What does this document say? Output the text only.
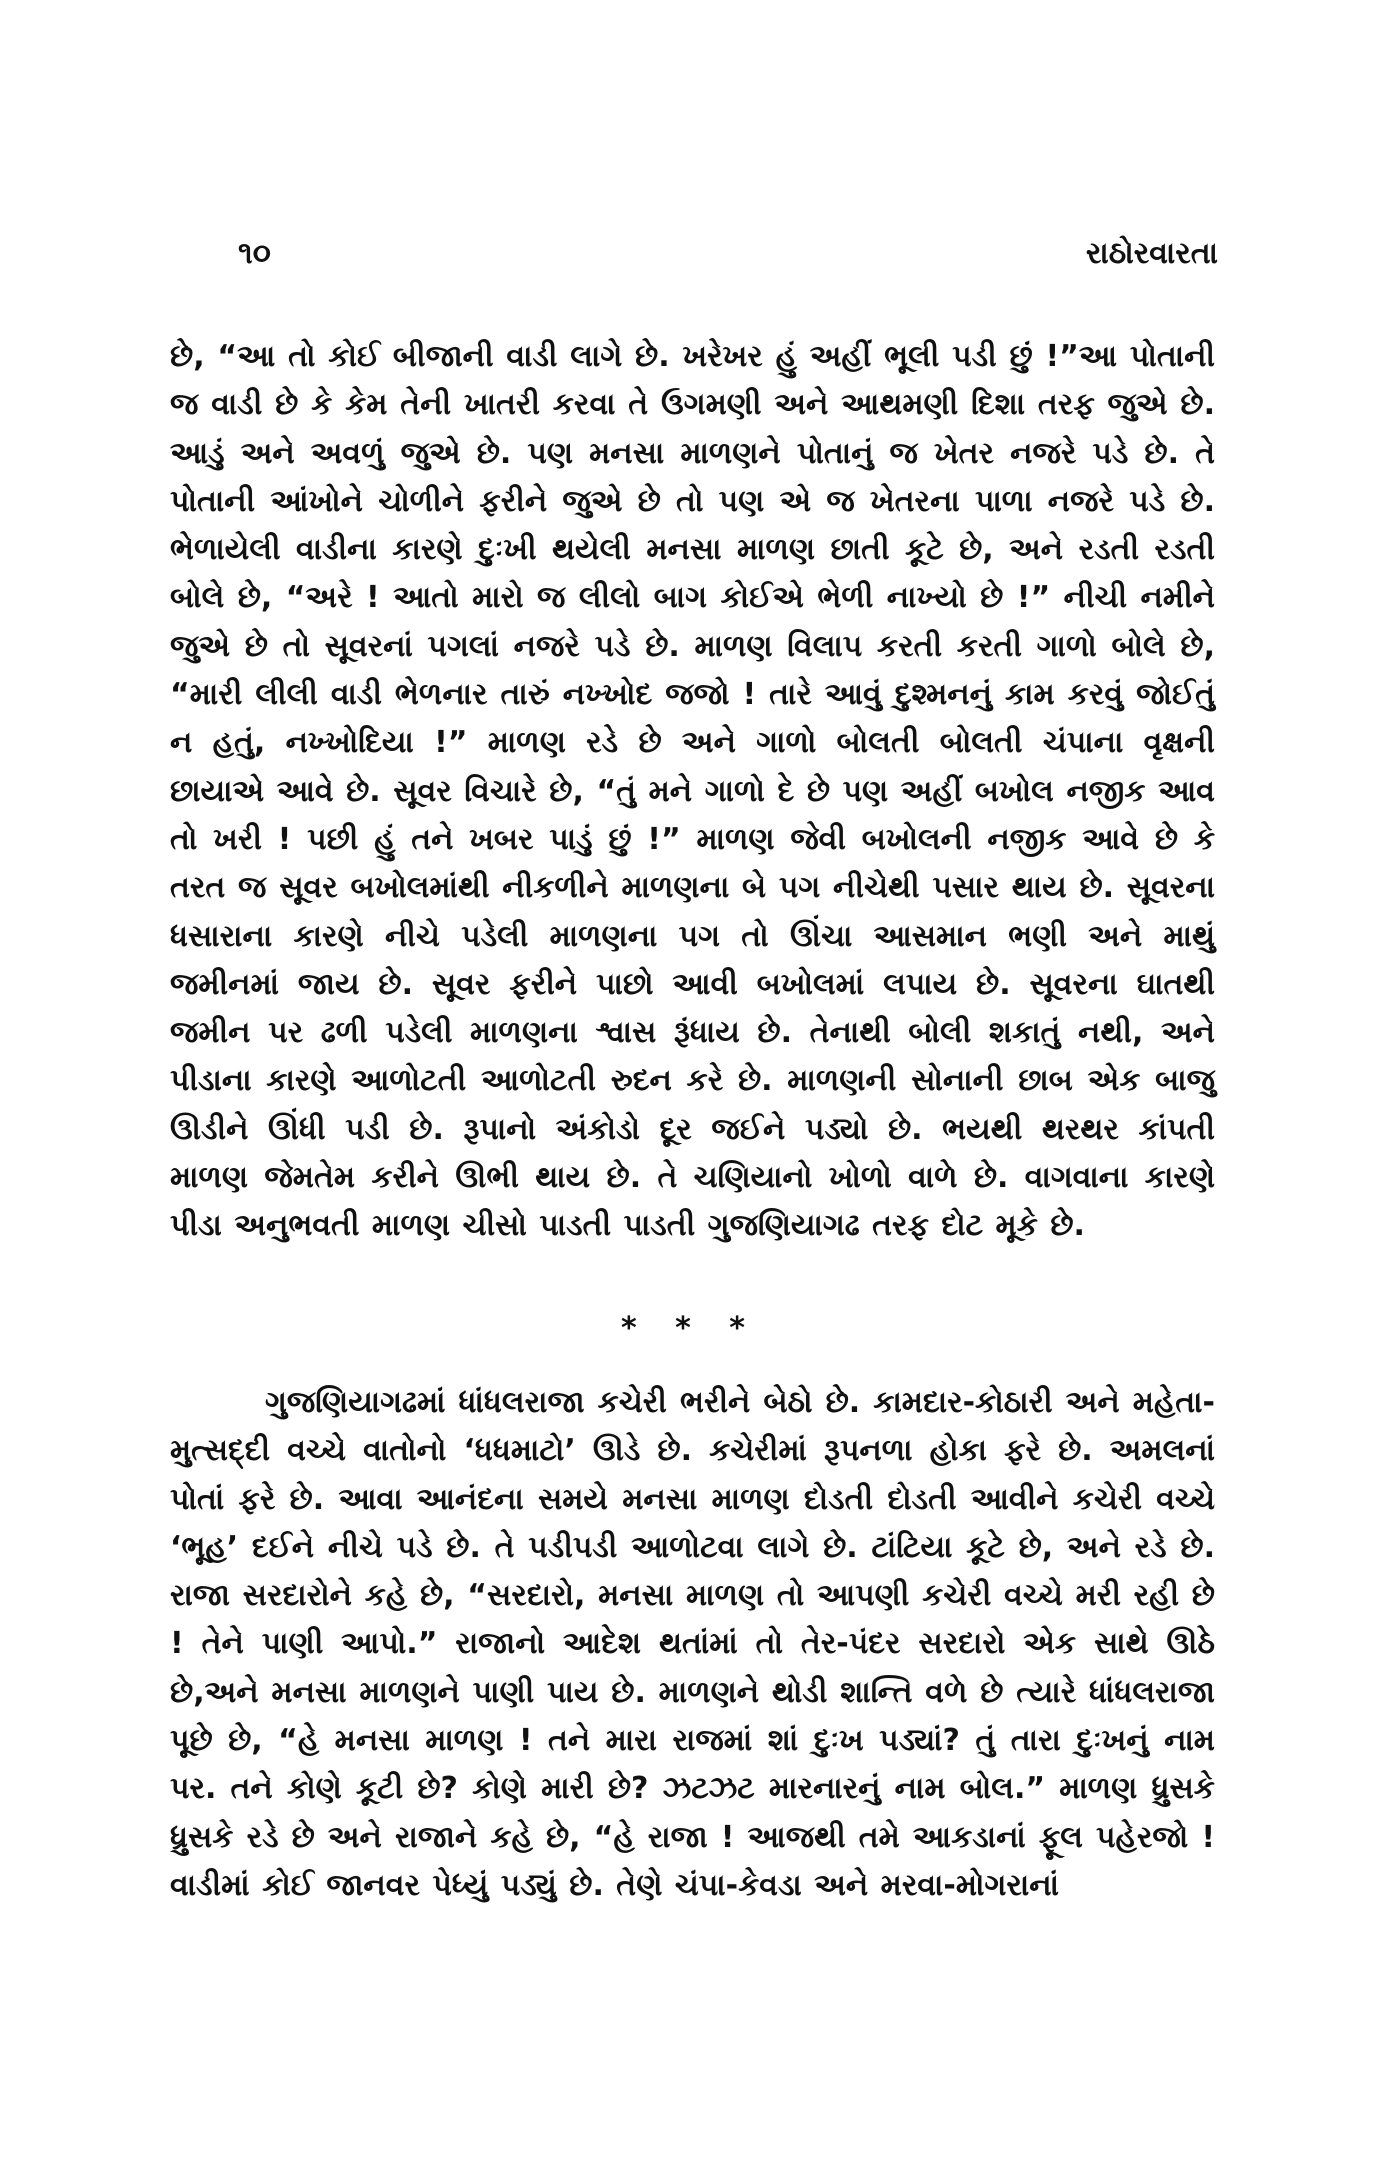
૧૦	રાઠોરવારતા
છે, “આ તો કોઈ બીજાની વાડી લાગે છે. ખરેખર હું અહીં ભૂલી પડી છું !”આ પોતાની જ વાડી છે કે કેમ તેની ખાતરી કરવા તે ઉગમણી અને આથમણી દિશા તરફ જુએ છે. આડું અને અવળું જુએ છે. પણ મનસા માળણને પોતાનું જ ખેતર નજરે પડે છે. તે પોતાની આંખોને ચોળીને ફરીને જુએ છે તો પણ એ જ ખેતરના પાળા નજરે પડે છે. ભેળાયેલી વાડીના કારણે દુઃખી થયેલી મનસા માળણ છાતી કૂટે છે, અને રડતી રડતી બોલે છે, “અરે ! આતો મારો જ લીલો બાગ કોઈએ ભેળી નાખ્યો છે !” નીચી નમીને જુએ છે તો સૂવરનાં પગલાં નજરે પડે છે. માળણ વિલાપ કરતી કરતી ગાળો બોલે છે, “મારી લીલી વાડી ભેળનાર તારું નખ્ખોદ જજો ! તારે આવું દુશ્મનનું કામ કરવું જોઈતું ન હતું, નખ્ખોદિયા !” માળણ રડે છે અને ગાળો બોલતી બોલતી ચંપાના વૃક્ષની છાયાએ આવે છે. સૂવર વિચારે છે, “તું મને ગાળો દે છે પણ અહીં બખોલ નજીક આવ તો ખરી ! પછી હું તને ખબર પાડું છું !” માળણ જેવી બખોલની નજીક આવે છે કે તરત જ સૂવર બખોલમાંથી નીકળીને માળણના બે પગ નીચેથી પસાર થાય છે. સૂવરના ધસારાના કારણે નીચે પડેલી માળણના પગ તો ઊંચા આસમાન ભણી અને માથું જમીનમાં જાય છે. સૂવર ફરીને પાછો આવી બખોલમાં લપાય છે. સૂવરના ઘાતથી જમીન પર ઢળી પડેલી માળણના શ્વાસ રૂંધાય છે. તેનાથી બોલી શકાતું નથી, અને પીડાના કારણે આળોટતી આળોટતી રુદન કરે છે. માળણની સોનાની છાબ એક બાજુ ઊડીને ઊંધી પડી છે. રૂપાનો અંકોડો દૂર જઈને પડ્યો છે. ભયથી થરથર કાંપતી માળણ જેમતેમ કરીને ઊભી થાય છે. તે ચણિયાનો ખોળો વાળે છે. વાગવાના કારણે પીડા અનુભવતી માળણ ચીસો પાડતી પાડતી ગુજણિયાગઢ તરફ દોટ મૂકે છે.
* * *
ગુજણિયાગઢમાં ધાંધલરાજા કચેરી ભરીને બેઠો છે. કામદાર-કોઠારી અને મહેતા-મુત્સદ્દી વચ્ચે વાતોનો ‘ધધમાટો’ ઊડે છે. કચેરીમાં રૂપનળા હોકા ફરે છે. અમલનાં પોતાં ફરે છે. આવા આનંદના સમયે મનસા માળણ દોડતી દોડતી આવીને કચેરી વચ્ચે ‘ભૂહ’ દઈને નીચે પડે છે. તે પડીપડી આળોટવા લાગે છે. ટાંટિયા કૂટે છે, અને રડે છે. રાજા સરદારોને કહે છે, “સરદારો, મનસા માળણ તો આપણી કચેરી વચ્ચે મરી રહી છે ! તેને પાણી આપો.” રાજાનો આદેશ થતાંમાં તો તેર-પંદર સરદારો એક સાથે ઊઠે છે,અને મનસા માળણને પાણી પાય છે. માળણને થોડી શાન્તિ વળે છે ત્યારે ધાંધલરાજા પૂછે છે, “હે મનસા માળણ ! તને મારા રાજમાં શાં દુઃખ પડ્યાં? તું તારા દુઃખનું નામ પર. તને કોણે કૂટી છે? કોણે મારી છે? ઝટઝટ મારનારનું નામ બોલ.” માળણ ધ્રુસકે ધ્રુસકે રડે છે અને રાજાને કહે છે, “હે રાજા ! આજથી તમે આકડાનાં ફૂલ પહેરજો ! વાડીમાં કોઈ જાનવર પેધ્યું પડ્યું છે. તેણે ચંપા-કેવડા અને મરવા-મોગરાનાં
